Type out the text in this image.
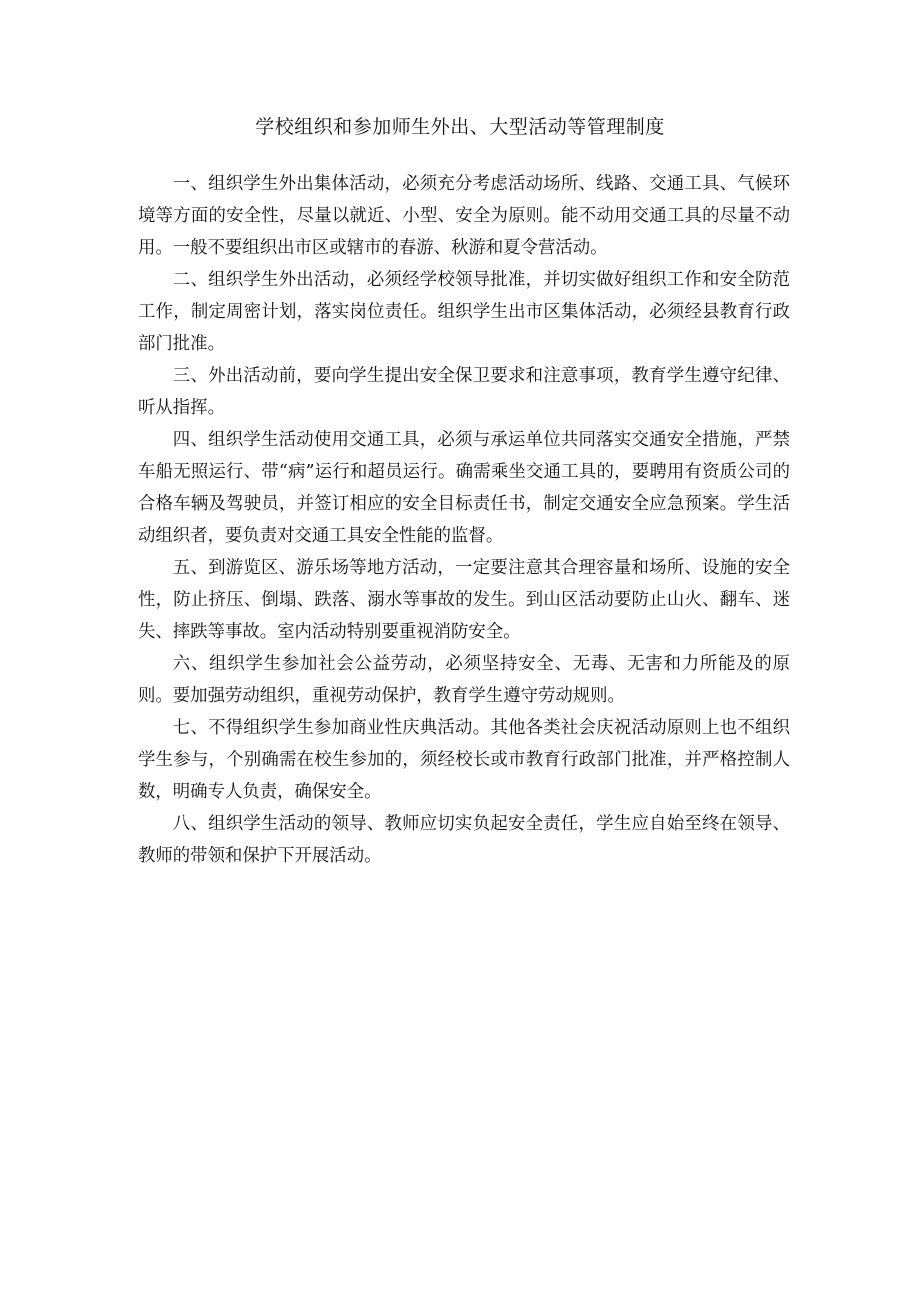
学校组织和参加师生外出、大型活动等管理制度

一、组织学生外出集体活动，必须充分考虑活动场所、线路、交通工具、气候环境等方面的安全性，尽量以就近、小型、安全为原则。能不动用交通工具的尽量不动用。一般不要组织出市区或辖市的春游、秋游和夏令营活动。

二、组织学生外出活动，必须经学校领导批准，并切实做好组织工作和安全防范工作，制定周密计划，落实岗位责任。组织学生出市区集体活动，必须经县教育行政部门批准。

三、外出活动前，要向学生提出安全保卫要求和注意事项，教育学生遵守纪律、听从指挥。

四、组织学生活动使用交通工具，必须与承运单位共同落实交通安全措施，严禁车船无照运行、带“病”运行和超员运行。确需乘坐交通工具的，要聘用有资质公司的合格车辆及驾驶员，并签订相应的安全目标责任书，制定交通安全应急预案。学生活动组织者，要负责对交通工具安全性能的监督。

五、到游览区、游乐场等地方活动，一定要注意其合理容量和场所、设施的安全性，防止挤压、倒塌、跌落、溺水等事故的发生。到山区活动要防止山火、翻车、迷失、摔跌等事故。室内活动特别要重视消防安全。

六、组织学生参加社会公益劳动，必须坚持安全、无毒、无害和力所能及的原则。要加强劳动组织，重视劳动保护，教育学生遵守劳动规则。

七、不得组织学生参加商业性庆典活动。其他各类社会庆祝活动原则上也不组织学生参与，个别确需在校生参加的，须经校长或市教育行政部门批准，并严格控制人数，明确专人负责，确保安全。

八、组织学生活动的领导、教师应切实负起安全责任，学生应自始至终在领导、教师的带领和保护下开展活动。
